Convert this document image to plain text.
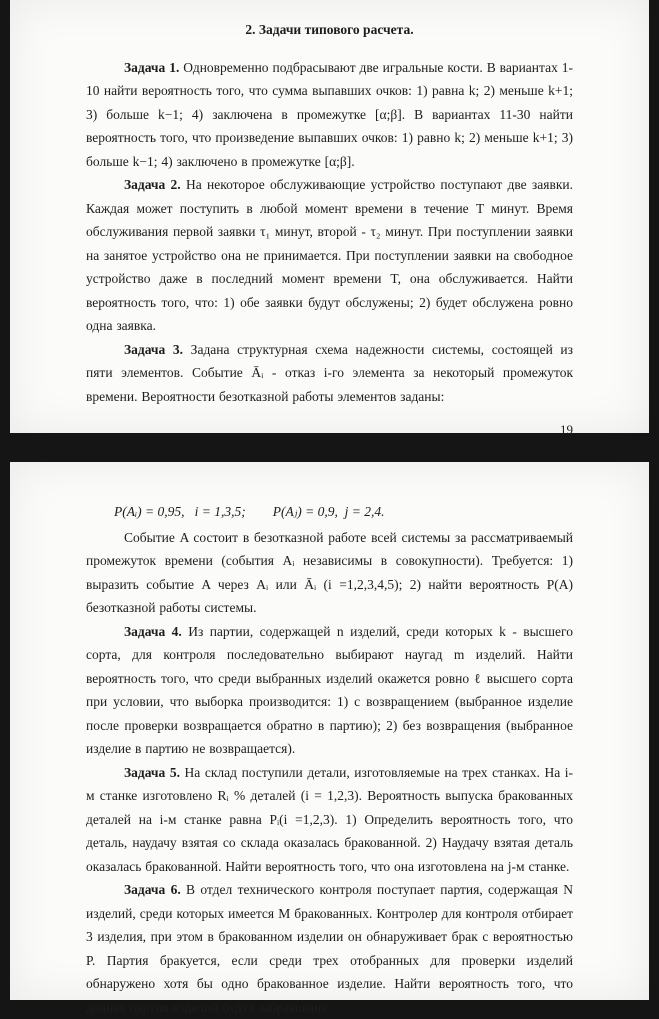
2. Задачи типового расчета.

Задача 1. Одновременно подбрасывают две игральные кости. В вариантах 1-10 найти вероятность того, что сумма выпавших очков: 1) равна k; 2) меньше k+1; 3) больше k−1; 4) заключена в промежутке [α;β]. В вариантах 11-30 найти вероятность того, что произведение выпавших очков: 1) равно k; 2) меньше k+1; 3) больше k−1; 4) заключено в промежутке [α;β].

Задача 2. На некоторое обслуживающие устройство поступают две заявки. Каждая может поступить в любой момент времени в течение T минут. Время обслуживания первой заявки τ₁ минут, второй - τ₂ минут. При поступлении заявки на занятое устройство она не принимается. При поступлении заявки на свободное устройство даже в последний момент времени T, она обслуживается. Найти вероятность того, что: 1) обе заявки будут обслужены; 2) будет обслужена ровно одна заявка.

Задача 3. Задана структурная схема надежности системы, состоящей из пяти элементов. Событие Āᵢ - отказ i-го элемента за некоторый промежуток времени. Вероятности безотказной работы элементов заданы:

19

P(Aᵢ) = 0,95,   i = 1,3,5;        P(Aⱼ) = 0,9,  j = 2,4.

Событие A состоит в безотказной работе всей системы за рассматриваемый промежуток времени (события Aᵢ независимы в совокупности). Требуется: 1) выразить событие A через Aᵢ или Āᵢ (i =1,2,3,4,5); 2) найти вероятность P(A) безотказной работы системы.

Задача 4. Из партии, содержащей n изделий, среди которых k - высшего сорта, для контроля последовательно выбирают наугад m изделий. Найти вероятность того, что среди выбранных изделий окажется ровно ℓ высшего сорта при условии, что выборка производится: 1) с возвращением (выбранное изделие после проверки возвращается обратно в партию); 2) без возвращения (выбранное изделие в партию не возвращается).

Задача 5. На склад поступили детали, изготовляемые на трех станках. На i-м станке изготовлено Rᵢ % деталей (i = 1,2,3). Вероятность выпуска бракованных деталей на i-м станке равна Pᵢ(i =1,2,3). 1) Определить вероятность того, что деталь, наудачу взятая со склада оказалась бракованной. 2) Наудачу взятая деталь оказалась бракованной. Найти вероятность того, что она изготовлена на j-м станке.

Задача 6. В отдел технического контроля поступает партия, содержащая N изделий, среди которых имеется M бракованных. Контролер для контроля отбирает 3 изделия, при этом в бракованном изделии он обнаруживает брак с вероятностью P. Партия бракуется, если среди трех отобранных для проверки изделий обнаружено хотя бы одно бракованное изделие. Найти вероятность того, что данная партия изделий будут забракована.
